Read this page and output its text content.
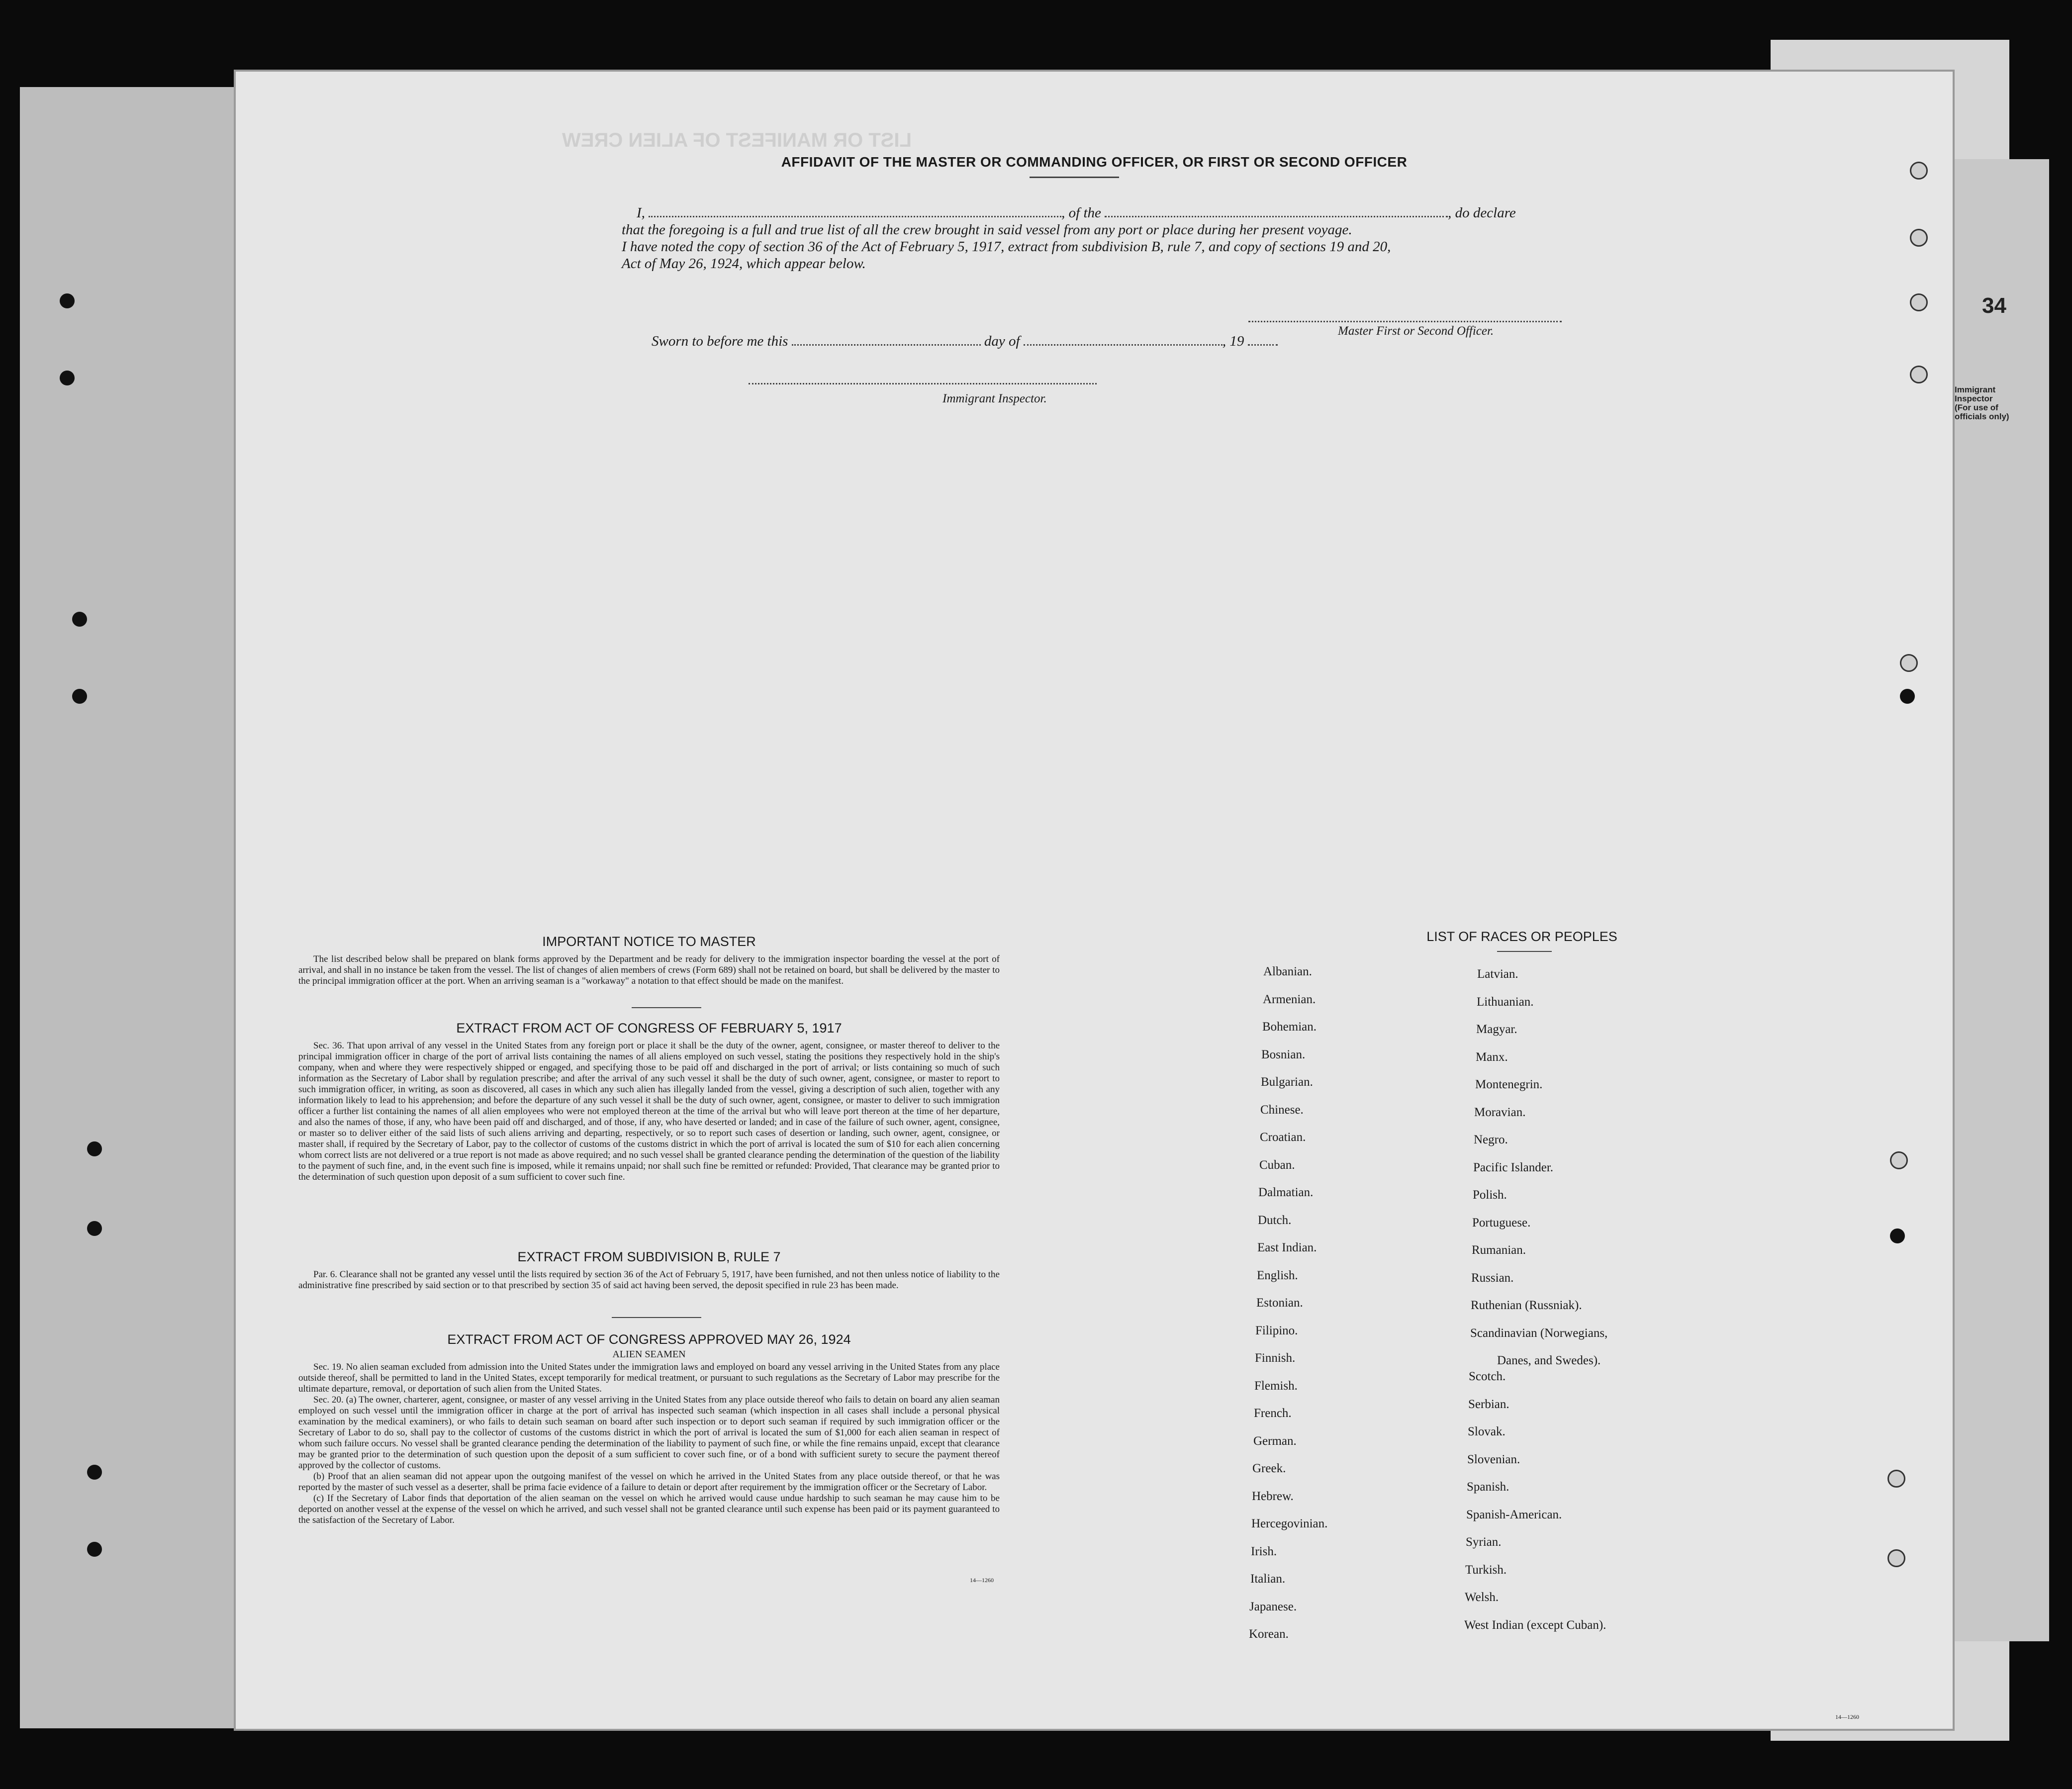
34
Immigrant
Inspector
(For use of
officials only)
LIST OR MANIFEST OF ALIEN CREW
AFFIDAVIT OF THE MASTER OR COMMANDING OFFICER, OR FIRST OR SECOND OFFICER
I,	, of the	, do declare
that the foregoing is a full and true list of all the crew brought in said vessel from any port or place during her present voyage.
I have noted the copy of section 36 of the Act of February 5, 1917, extract from subdivision B, rule 7, and copy of sections 19 and 20,
Act of May 26, 1924, which appear below.
Master First or Second Officer.
Sworn to before me this	day of	, 19
Immigrant Inspector.
IMPORTANT NOTICE TO MASTER
The list described below shall be prepared on blank forms approved by the Department and be ready for delivery to the immigration inspector boarding the vessel at the port of arrival, and shall in no instance be taken from the vessel. The list of changes of alien members of crews (Form 689) shall not be retained on board, but shall be delivered by the master to the principal immigration officer at the port. When an arriving seaman is a "workaway" a notation to that effect should be made on the manifest.
EXTRACT FROM ACT OF CONGRESS OF FEBRUARY 5, 1917
Sec. 36. That upon arrival of any vessel in the United States from any foreign port or place it shall be the duty of the owner, agent, consignee, or master thereof to deliver to the principal immigration officer in charge of the port of arrival lists containing the names of all aliens employed on such vessel, stating the positions they respectively hold in the ship's company, when and where they were respectively shipped or engaged, and specifying those to be paid off and discharged in the port of arrival; or lists containing so much of such information as the Secretary of Labor shall by regulation prescribe; and after the arrival of any such vessel it shall be the duty of such owner, agent, consignee, or master to report to such immigration officer, in writing, as soon as discovered, all cases in which any such alien has illegally landed from the vessel, giving a description of such alien, together with any information likely to lead to his apprehension; and before the departure of any such vessel it shall be the duty of such owner, agent, consignee, or master to deliver to such immigration officer a further list containing the names of all alien employees who were not employed thereon at the time of the arrival but who will leave port thereon at the time of her departure, and also the names of those, if any, who have been paid off and discharged, and of those, if any, who have deserted or landed; and in case of the failure of such owner, agent, consignee, or master so to deliver either of the said lists of such aliens arriving and departing, respectively, or so to report such cases of desertion or landing, such owner, agent, consignee, or master shall, if required by the Secretary of Labor, pay to the collector of customs of the customs district in which the port of arrival is located the sum of $10 for each alien concerning whom correct lists are not delivered or a true report is not made as above required; and no such vessel shall be granted clearance pending the determination of the question of the liability to the payment of such fine, and, in the event such fine is imposed, while it remains unpaid; nor shall such fine be remitted or refunded: Provided, That clearance may be granted prior to the determination of such question upon deposit of a sum sufficient to cover such fine.
EXTRACT FROM SUBDIVISION B, RULE 7
Par. 6. Clearance shall not be granted any vessel until the lists required by section 36 of the Act of February 5, 1917, have been furnished, and not then unless notice of liability to the administrative fine prescribed by said section or to that prescribed by section 35 of said act having been served, the deposit specified in rule 23 has been made.
EXTRACT FROM ACT OF CONGRESS APPROVED MAY 26, 1924
ALIEN SEAMEN
Sec. 19. No alien seaman excluded from admission into the United States under the immigration laws and employed on board any vessel arriving in the United States from any place outside thereof, shall be permitted to land in the United States, except temporarily for medical treatment, or pursuant to such regulations as the Secretary of Labor may prescribe for the ultimate departure, removal, or deportation of such alien from the United States.
Sec. 20. (a) The owner, charterer, agent, consignee, or master of any vessel arriving in the United States from any place outside thereof who fails to detain on board any alien seaman employed on such vessel until the immigration officer in charge at the port of arrival has inspected such seaman (which inspection in all cases shall include a personal physical examination by the medical examiners), or who fails to detain such seaman on board after such inspection or to deport such seaman if required by such immigration officer or the Secretary of Labor to do so, shall pay to the collector of customs of the customs district in which the port of arrival is located the sum of $1,000 for each alien seaman in respect of whom such failure occurs. No vessel shall be granted clearance pending the determination of the liability to payment of such fine, or while the fine remains unpaid, except that clearance may be granted prior to the determination of such question upon the deposit of a sum sufficient to cover such fine, or of a bond with sufficient surety to secure the payment thereof approved by the collector of customs.
(b) Proof that an alien seaman did not appear upon the outgoing manifest of the vessel on which he arrived in the United States from any place outside thereof, or that he was reported by the master of such vessel as a deserter, shall be prima facie evidence of a failure to detain or deport after requirement by the immigration officer or the Secretary of Labor.
(c) If the Secretary of Labor finds that deportation of the alien seaman on the vessel on which he arrived would cause undue hardship to such seaman he may cause him to be deported on another vessel at the expense of the vessel on which he arrived, and such vessel shall not be granted clearance until such expense has been paid or its payment guaranteed to the satisfaction of the Secretary of Labor.
14—1260
LIST OF RACES OR PEOPLES
Albanian.
Armenian.
Bohemian.
Bosnian.
Bulgarian.
Chinese.
Croatian.
Cuban.
Dalmatian.
Dutch.
East Indian.
English.
Estonian.
Filipino.
Finnish.
Flemish.
French.
German.
Greek.
Hebrew.
Hercegovinian.
Irish.
Italian.
Japanese.
Korean.
Latvian.
Lithuanian.
Magyar.
Manx.
Montenegrin.
Moravian.
Negro.
Pacific Islander.
Polish.
Portuguese.
Rumanian.
Russian.
Ruthenian (Russniak).
Scandinavian (Norwegians,
Danes, and Swedes).
Scotch.
Serbian.
Slovak.
Slovenian.
Spanish.
Spanish-American.
Syrian.
Turkish.
Welsh.
West Indian (except Cuban).
14—1260
